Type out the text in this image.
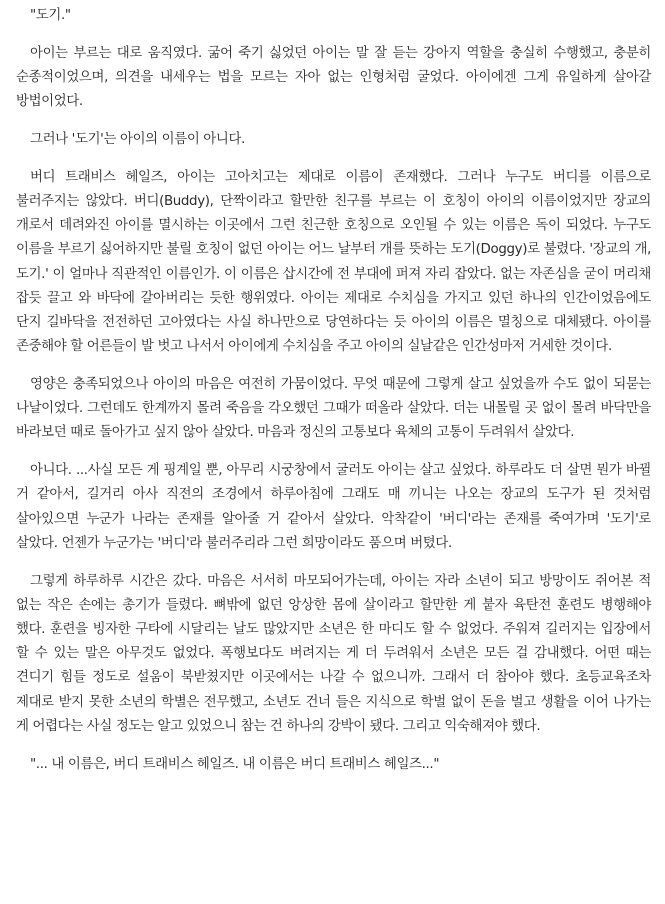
"도기."

아이는 부르는 대로 움직였다. 굶어 죽기 싫었던 아이는 말 잘 듣는 강아지 역할을 충실히 수행했고, 충분히 순종적이었으며, 의견을 내세우는 법을 모르는 자아 없는 인형처럼 굴었다. 아이에겐 그게 유일하게 살아갈 방법이었다.

그러나 '도기'는 아이의 이름이 아니다.

버디 트래비스 헤일즈, 아이는 고아치고는 제대로 이름이 존재했다. 그러나 누구도 버디를 이름으로 불러주지는 않았다. 버디(Buddy), 단짝이라고 할만한 친구를 부르는 이 호칭이 아이의 이름이었지만 장교의 개로서 데려와진 아이를 멸시하는 이곳에서 그런 친근한 호칭으로 오인될 수 있는 이름은 독이 되었다. 누구도 이름을 부르기 싫어하지만 불릴 호칭이 없던 아이는 어느 날부터 개를 뜻하는 도기(Doggy)로 불렸다. '장교의 개, 도기.' 이 얼마나 직관적인 이름인가. 이 이름은 삽시간에 전 부대에 퍼져 자리 잡았다. 없는 자존심을 굳이 머리채 잡듯 끌고 와 바닥에 갈아버리는 듯한 행위였다. 아이는 제대로 수치심을 가지고 있던 하나의 인간이었음에도 단지 길바닥을 전전하던 고아였다는 사실 하나만으로 당연하다는 듯 아이의 이름은 멸칭으로 대체됐다. 아이를 존중해야 할 어른들이 발 벗고 나서서 아이에게 수치심을 주고 아이의 실날같은 인간성마저 거세한 것이다.

영양은 충족되었으나 아이의 마음은 여전히 가뭄이었다. 무엇 때문에 그렇게 살고 싶었을까 수도 없이 되묻는 나날이었다. 그런데도 한계까지 몰려 죽음을 각오했던 그때가 떠올라 살았다. 더는 내몰릴 곳 없이 몰려 바닥만을 바라보던 때로 돌아가고 싶지 않아 살았다. 마음과 정신의 고통보다 육체의 고통이 두려워서 살았다.

아니다. ...사실 모든 게 핑계일 뿐, 아무리 시궁창에서 굴러도 아이는 살고 싶었다. 하루라도 더 살면 뭔가 바뀔 거 같아서, 길거리 아사 직전의 조경에서 하루아침에 그래도 매 끼니는 나오는 장교의 도구가 된 것처럼 살아있으면 누군가 나라는 존재를 알아줄 거 같아서 살았다. 악착같이 '버디'라는 존재를 죽여가며 '도기'로 살았다. 언젠가 누군가는 '버디'라 불러주리라 그런 희망이라도 품으며 버텼다.

그렇게 하루하루 시간은 갔다. 마음은 서서히 마모되어가는데, 아이는 자라 소년이 되고 방망이도 쥐어본 적 없는 작은 손에는 총기가 들렸다. 뼈밖에 없던 앙상한 몸에 살이라고 할만한 게 붙자 육탄전 훈련도 병행해야 했다. 훈련을 빙자한 구타에 시달리는 날도 많았지만 소년은 한 마디도 할 수 없었다. 주워져 길러지는 입장에서 할 수 있는 말은 아무것도 없었다. 폭행보다도 버려지는 게 더 두려워서 소년은 모든 걸 감내했다. 어떤 때는 견디기 힘들 정도로 설움이 북받쳤지만 이곳에서는 나갈 수 없으니까. 그래서 더 참아야 했다. 초등교육조차 제대로 받지 못한 소년의 학별은 전무했고, 소년도 건너 들은 지식으로 학벌 없이 돈을 벌고 생활을 이어 나가는 게 어렵다는 사실 정도는 알고 있었으니 참는 건 하나의 강박이 됐다. 그리고 익숙해져야 했다.

"... 내 이름은, 버디 트래비스 헤일즈. 내 이름은 버디 트래비스 헤일즈..."
